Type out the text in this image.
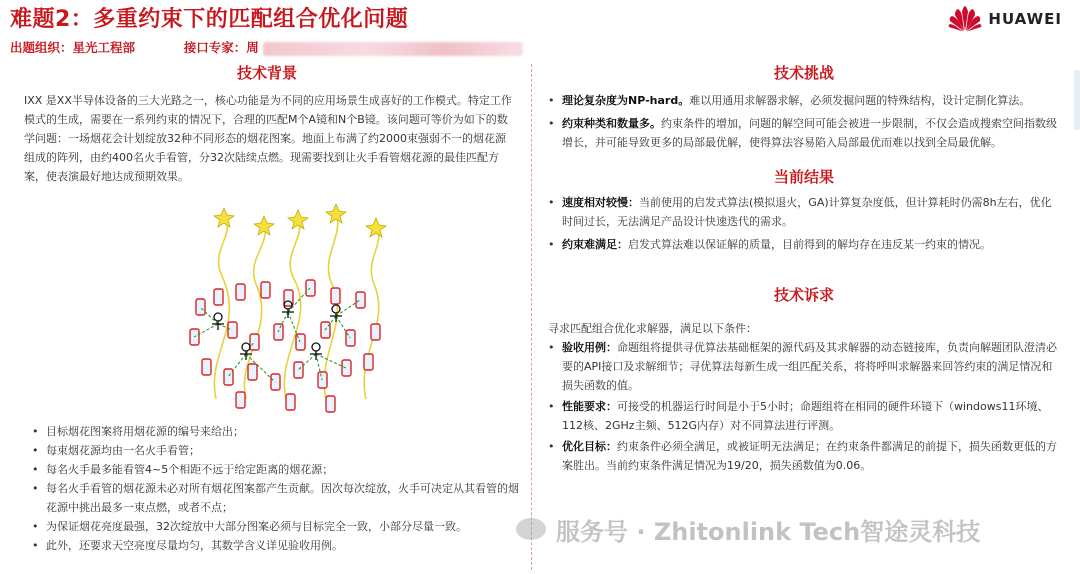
难题2：多重约束下的匹配组合优化问题
出题组织：星光工程部	接口专家：周
HUAWEI
技术背景

IXX 是XX半导体设备的三大光路之一，核心功能是为不同的应用场景生成喜好的工作模式。特定工作模式的生成，需要在一系列约束的情况下，合理的匹配M个A镜和N个B镜。该问题可等价为如下的数学问题：一场烟花会计划绽放32种不同形态的烟花图案。地面上布满了约2000束强弱不一的烟花源组成的阵列，由约400名火手看管，分32次陆续点燃。现需要找到让火手看管烟花源的最佳匹配方案，使表演最好地达成预期效果。

• 目标烟花图案将用烟花源的编号来给出；

• 每束烟花源均由一名火手看管；

• 每名火手最多能看管4~5个相距不远于给定距离的烟花源；

• 每名火手看管的烟花源未必对所有烟花图案都产生贡献。因次每次绽放，火手可决定从其看管的烟花源中挑出最多一束点燃，或者不点；

• 为保证烟花亮度最强，32次绽放中大部分图案必须与目标完全一致，小部分尽量一致。

• 此外，还要求天空亮度尽量均匀，其数学含义详见验收用例。

技术挑战

• 理论复杂度为NP-hard。难以用通用求解器求解，必须发掘问题的特殊结构，设计定制化算法。

• 约束种类和数量多。约束条件的增加，问题的解空间可能会被进一步限制，不仅会造成搜索空间指数级增长，并可能导致更多的局部最优解，使得算法容易陷入局部最优而难以找到全局最优解。

当前结果

• 速度相对较慢：当前使用的启发式算法(模拟退火，GA)计算复杂度低，但计算耗时仍需8h左右，优化时间过长，无法满足产品设计快速迭代的需求。

• 约束难满足：启发式算法难以保证解的质量，目前得到的解均存在违反某一约束的情况。

技术诉求

寻求匹配组合优化求解器，满足以下条件：

• 验收用例：命题组将提供寻优算法基础框架的源代码及其求解器的动态链接库，负责向解题团队澄清必要的API接口及求解细节；寻优算法每新生成一组匹配关系，将将呼叫求解器来回答约束的满足情况和损失函数的值。

• 性能要求：可接受的机器运行时间是小于5小时；命题组将在相同的硬件环镜下（windows11环境、112核、2GHz主频、512G内存）对不同算法进行评测。

• 优化目标：约束条件必须全满足，或被证明无法满足；在约束条件都满足的前提下，损失函数更低的方案胜出。当前约束条件满足情况为19/20，损失函数值为0.06。

服务号 · Zhitonlink Tech智途灵科技
